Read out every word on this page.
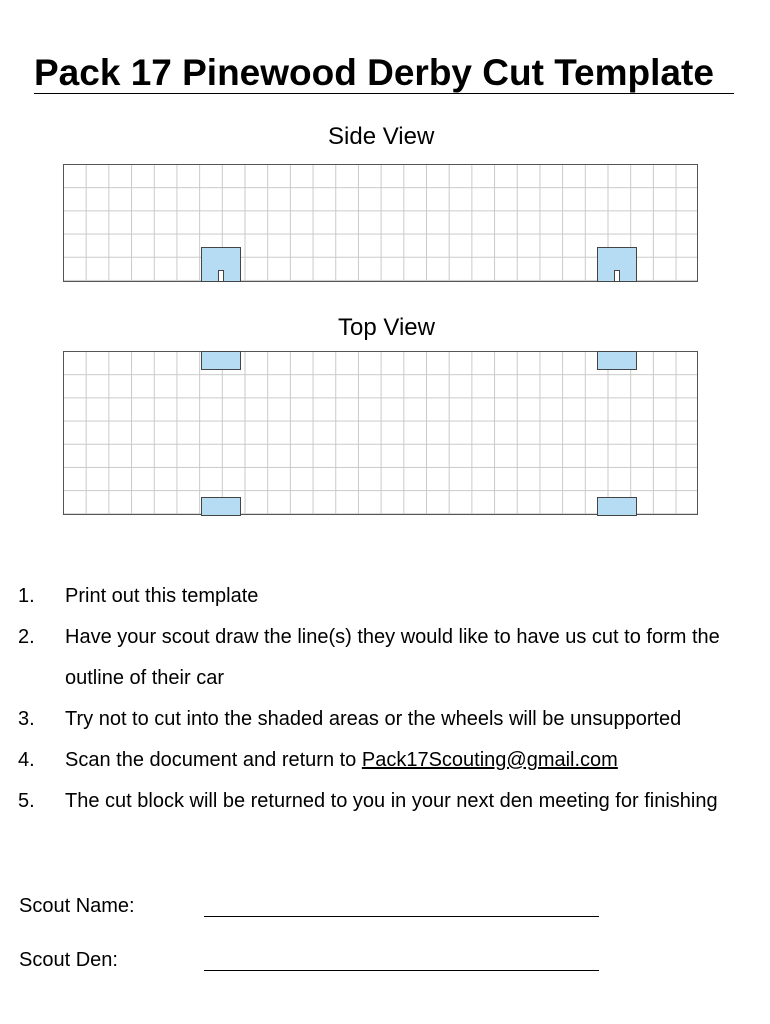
Pack 17 Pinewood Derby Cut Template
Side View
Top View
1.	Print out this template
2.	Have your scout draw the line(s) they would like to have us cut to form the outline of their car
3.	Try not to cut into the shaded areas or the wheels will be unsupported
4.	Scan the document and return to Pack17Scouting@gmail.com
5.	The cut block will be returned to you in your next den meeting for finishing
Scout Name:
Scout Den:
